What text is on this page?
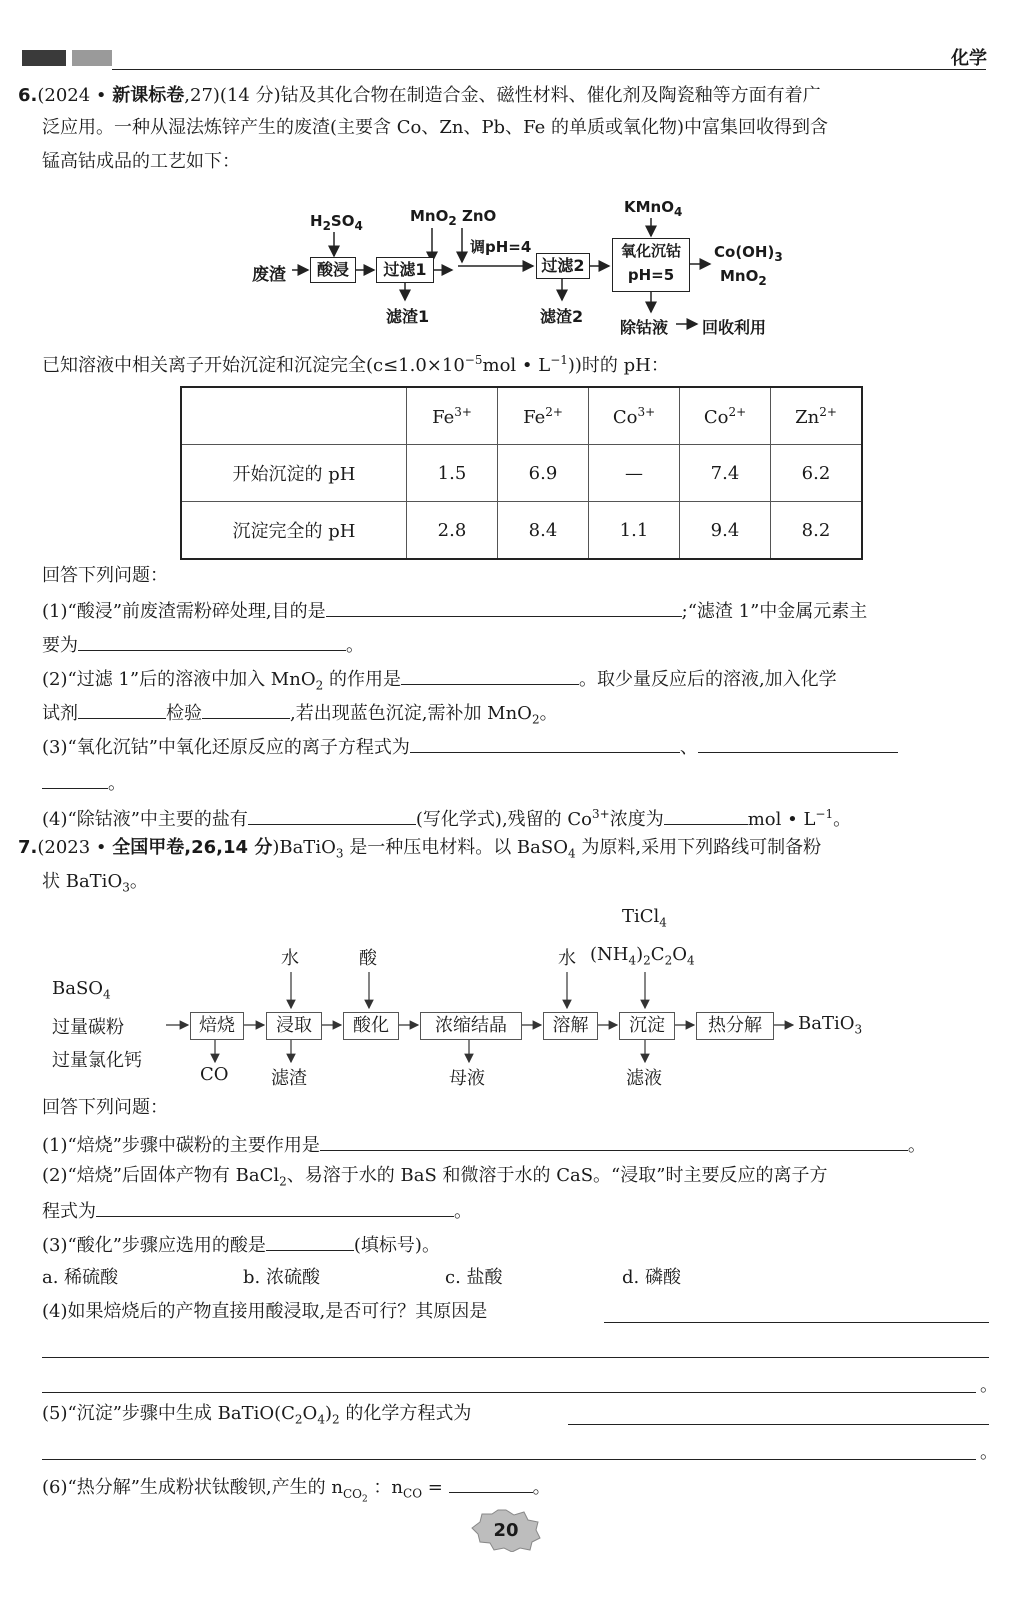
化学
6.(2024 • 新课标卷,27)(14 分)钴及其化合物在制造合金、磁性材料、催化剂及陶瓷釉等方面有着广
泛应用。一种从湿法炼锌产生的废渣(主要含 Co、Zn、Pb、Fe 的单质或氧化物)中富集回收得到含
锰高钴成品的工艺如下：
废渣
$H_2SO_4$
酸浸	过滤1
滤渣1
MnO$_2$ ZnO
调pH=4
过滤2
滤渣2
KMnO$_4$
氧化沉钴
pH=5
$Co(OH)_3$
MnO$_2$
除钴液 回收利用
已知溶液中相关离子开始沉淀和沉淀完全($c\le 1.0\times 10^{-5}mol$ • $L^{-1}$))时的 pH：
	$Fe^{3+}$	$Fe^{2+}$	$Co^{3+}$	$Co^{2+}$	$Zn^{2+}$
开始沉淀的 pH	1.5	6.9	—	7.4	6.2
沉淀完全的 pH	2.8	8.4	1.1	9.4	8.2
回答下列问题：
(1)“酸浸”前废渣需粉碎处理,目的是	;“滤渣 1”中金属元素主
要为	。
(2)“过滤 1”后的溶液中加入 MnO$_2$ 的作用是	。取少量反应后的溶液,加入化学
试剂	检验	,若出现蓝色沉淀,需补加 MnO$_2$。
(3)“氧化沉钴”中氧化还原反应的离子方程式为	、
。
(4)“除钴液”中主要的盐有	(写化学式),残留的 $Co^{3+}$浓度为	mol • $L^{-1}$。
7.(2023 • 全国甲卷,26,14 分)BaTiO$_3$ 是一种压电材料。以 BaSO$_4$ 为原料,采用下列路线可制备粉
状 BaTiO$_3$。
BaSO$_4$
过量碳粉
过量氯化钙
焙烧	浸取	酸化	浓缩结晶	溶解	沉淀	热分解	BaTiO$_3$
水	酸	水
TiCl$_4$
$(NH_4)_2C_2O_4$
CO 滤渣	母液	滤液
回答下列问题：
(1)“焙烧”步骤中碳粉的主要作用是	。
(2)“焙烧”后固体产物有 BaCl$_2$、易溶于水的 BaS 和微溶于水的 CaS。“浸取”时主要反应的离子方
程式为	。
(3)“酸化”步骤应选用的酸是	(填标号)。
a. 稀硫酸	b. 浓硫酸	c. 盐酸	d. 磷酸
(4)如果焙烧后的产物直接用酸浸取,是否可行？其原因是
。
(5)“沉淀”步骤中生成 $BaTiO(C_2O_4)_2$ 的化学方程式为
。
(6)“热分解”生成粉状钛酸钡,产生的 $n_{CO_2}$ ：$n_{CO}$ =	。
20
